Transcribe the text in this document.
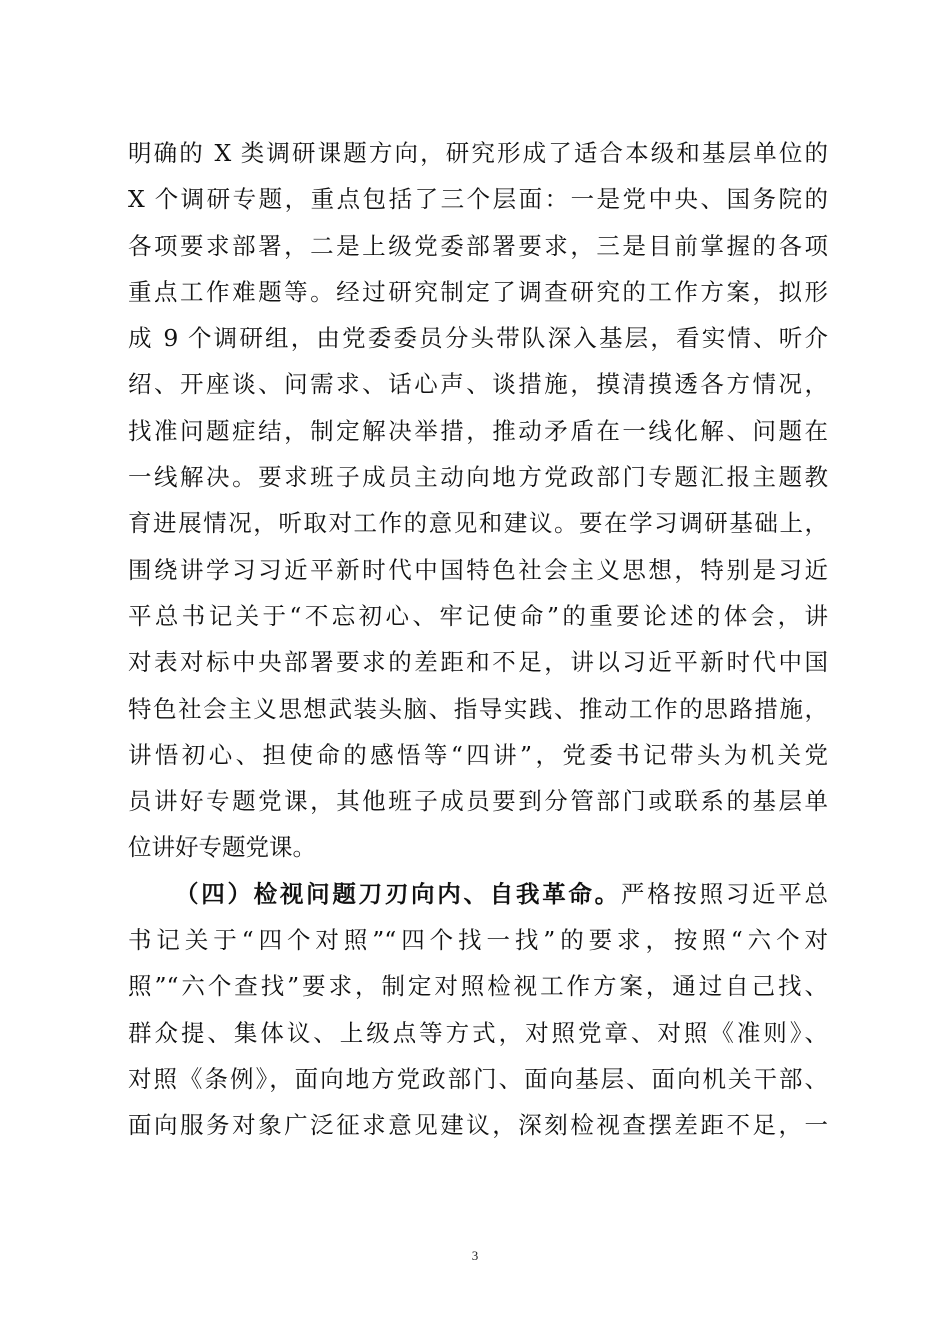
明确的 X 类调研课题方向，研究形成了适合本级和基层单位的
X 个调研专题，重点包括了三个层面：一是党中央、国务院的
各项要求部署，二是上级党委部署要求，三是目前掌握的各项
重点工作难题等。经过研究制定了调查研究的工作方案，拟形
成 9 个调研组，由党委委员分头带队深入基层，看实情、听介
绍、开座谈、问需求、话心声、谈措施，摸清摸透各方情况，
找准问题症结，制定解决举措，推动矛盾在一线化解、问题在
一线解决。要求班子成员主动向地方党政部门专题汇报主题教
育进展情况，听取对工作的意见和建议。要在学习调研基础上，
围绕讲学习习近平新时代中国特色社会主义思想，特别是习近
平总书记关于“不忘初心、牢记使命”的重要论述的体会，讲
对表对标中央部署要求的差距和不足，讲以习近平新时代中国
特色社会主义思想武装头脑、指导实践、推动工作的思路措施，
讲悟初心、担使命的感悟等“四讲”，党委书记带头为机关党
员讲好专题党课，其他班子成员要到分管部门或联系的基层单
位讲好专题党课。
（四）检视问题刀刃向内、自我革命。严格按照习近平总
书记关于“四个对照”“四个找一找”的要求，按照“六个对
照”“六个查找”要求，制定对照检视工作方案，通过自己找、
群众提、集体议、上级点等方式，对照党章、对照《准则》、
对照《条例》，面向地方党政部门、面向基层、面向机关干部、
面向服务对象广泛征求意见建议，深刻检视查摆差距不足，一
3
